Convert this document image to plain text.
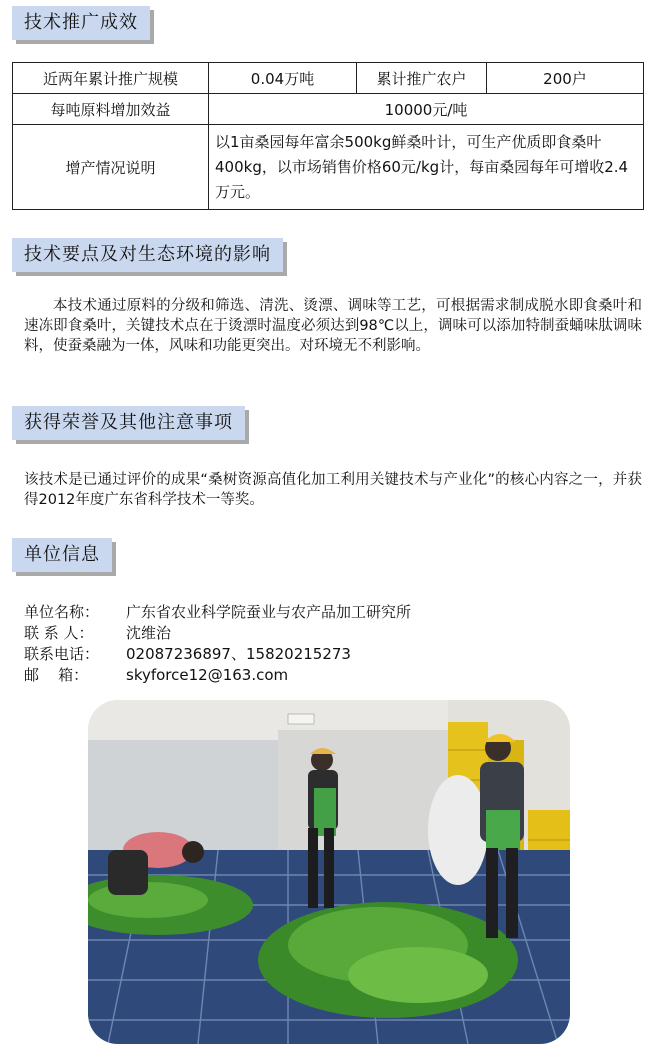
技术推广成效
近两年累计推广规模	0.04万吨	累计推广农户	200户
每吨原料增加效益	10000元/吨		
增产情况说明	以1亩桑园每年富余500kg鲜桑叶计，可生产优质即食桑叶400kg，以市场销售价格60元/kg计，每亩桑园每年可增收2.4万元。		
技术要点及对生态环境的影响
本技术通过原料的分级和筛选、清洗、烫漂、调味等工艺，可根据需求制成脱水即食桑叶和速冻即食桑叶，关键技术点在于烫漂时温度必须达到98℃以上，调味可以添加特制蚕蛹味肽调味料，使蚕桑融为一体，风味和功能更突出。对环境无不利影响。
获得荣誉及其他注意事项
该技术是已通过评价的成果“桑树资源高值化加工利用关键技术与产业化”的核心内容之一，并获得2012年度广东省科学技术一等奖。
单位信息
单位名称：	广东省农业科学院蚕业与农产品加工研究所
联 系 人：	沈维治
联系电话：	02087236897、15820215273
邮    箱：	skyforce12@163.com
